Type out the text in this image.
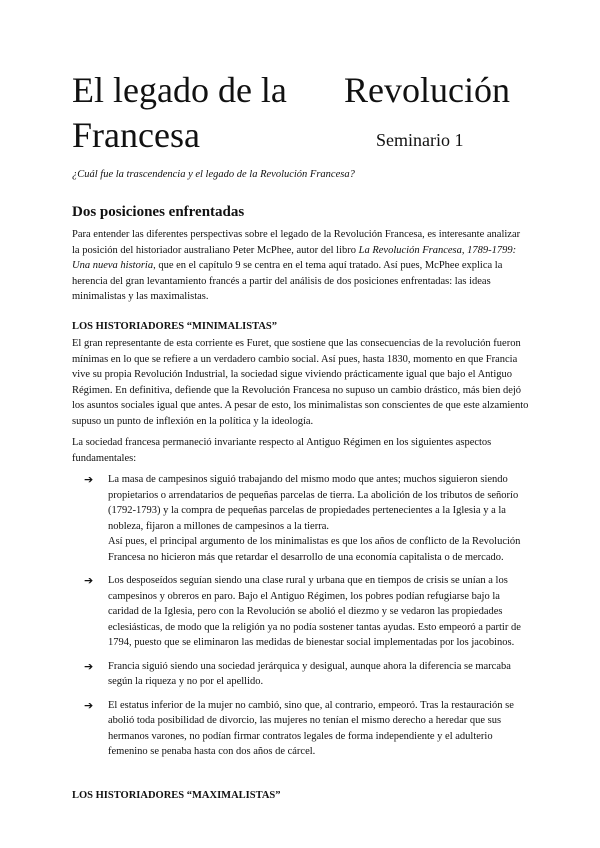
El legado de la Revolución
Francesa	Seminario 1
¿Cuál fue la trascendencia y el legado de la Revolución Francesa?
Dos posiciones enfrentadas

Para entender las diferentes perspectivas sobre el legado de la Revolución Francesa, es interesante analizar la posición del historiador australiano Peter McPhee, autor del libro La Revolución Francesa, 1789-1799: Una nueva historia, que en el capítulo 9 se centra en el tema aquí tratado. Así pues, McPhee explica la herencia del gran levantamiento francés a partir del análisis de dos posiciones enfrentadas: las ideas minimalistas y las maximalistas.

LOS HISTORIADORES “MINIMALISTAS”

El gran representante de esta corriente es Furet, que sostiene que las consecuencias de la revolución fueron mínimas en lo que se refiere a un verdadero cambio social. Así pues, hasta 1830, momento en que Francia vive su propia Revolución Industrial, la sociedad sigue viviendo prácticamente igual que bajo el Antiguo Régimen. En definitiva, defiende que la Revolución Francesa no supuso un cambio drástico, más bien dejó los asuntos sociales igual que antes. A pesar de esto, los minimalistas son conscientes de que este alzamiento supuso un punto de inflexión en la política y la ideología.

La sociedad francesa permaneció invariante respecto al Antiguo Régimen en los siguientes aspectos fundamentales:

➔ La masa de campesinos siguió trabajando del mismo modo que antes; muchos siguieron siendo propietarios o arrendatarios de pequeñas parcelas de tierra. La abolición de los tributos de señorío (1792-1793) y la compra de pequeñas parcelas de propiedades pertenecientes a la Iglesia y a la nobleza, fijaron a millones de campesinos a la tierra.
Así pues, el principal argumento de los minimalistas es que los años de conflicto de la Revolución Francesa no hicieron más que retardar el desarrollo de una economía capitalista o de mercado.
➔ Los desposeídos seguían siendo una clase rural y urbana que en tiempos de crisis se unían a los campesinos y obreros en paro. Bajo el Antiguo Régimen, los pobres podían refugiarse bajo la caridad de la Iglesia, pero con la Revolución se abolió el diezmo y se vedaron las propiedades eclesiásticas, de modo que la religión ya no podía sostener tantas ayudas. Esto empeoró a partir de 1794, puesto que se eliminaron las medidas de bienestar social implementadas por los jacobinos.
➔ Francia siguió siendo una sociedad jerárquica y desigual, aunque ahora la diferencia se marcaba según la riqueza y no por el apellido.
➔ El estatus inferior de la mujer no cambió, sino que, al contrario, empeoró. Tras la restauración se abolió toda posibilidad de divorcio, las mujeres no tenían el mismo derecho a heredar que sus hermanos varones, no podían firmar contratos legales de forma independiente y el adulterio femenino se penaba hasta con dos años de cárcel.
LOS HISTORIADORES “MAXIMALISTAS”
